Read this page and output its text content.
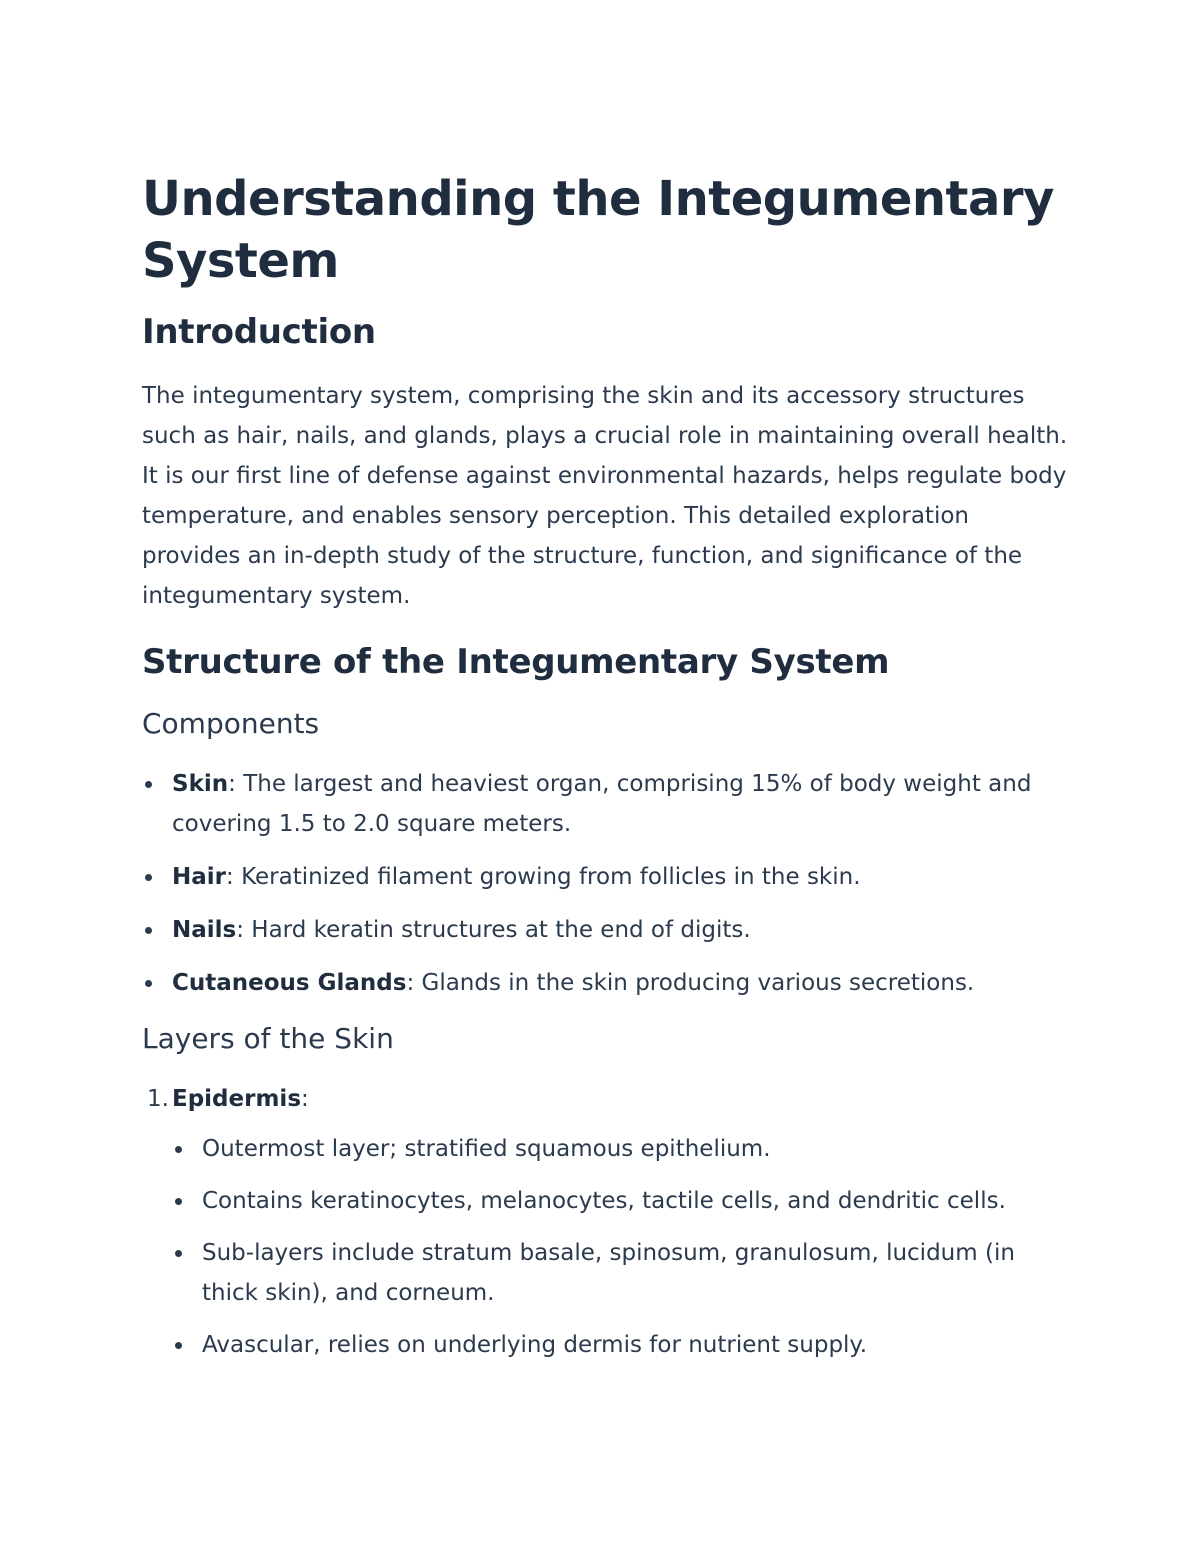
Understanding the Integumentary System
Introduction

The integumentary system, comprising the skin and its accessory structures such as hair, nails, and glands, plays a crucial role in maintaining overall health. It is our first line of defense against environmental hazards, helps regulate body temperature, and enables sensory perception. This detailed exploration provides an in-depth study of the structure, function, and significance of the integumentary system.

Structure of the Integumentary System
Components
Skin: The largest and heaviest organ, comprising 15% of body weight and covering 1.5 to 2.0 square meters.
Hair: Keratinized filament growing from follicles in the skin.
Nails: Hard keratin structures at the end of digits.
Cutaneous Glands: Glands in the skin producing various secretions.
Layers of the Skin
1. Epidermis:
Outermost layer; stratified squamous epithelium.
Contains keratinocytes, melanocytes, tactile cells, and dendritic cells.
Sub-layers include stratum basale, spinosum, granulosum, lucidum (in thick skin), and corneum.
Avascular, relies on underlying dermis for nutrient supply.
